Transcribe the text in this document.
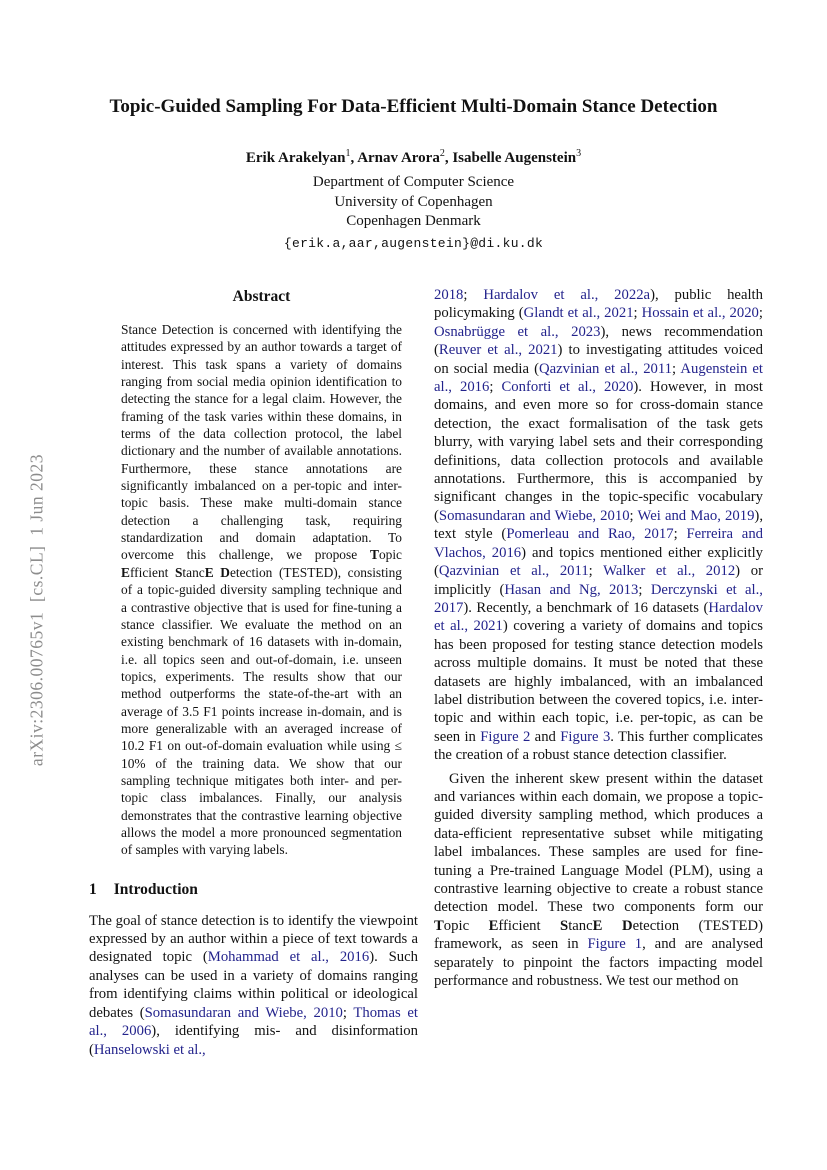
arXiv:2306.00765v1  [cs.CL]  1 Jun 2023
Topic-Guided Sampling For Data-Efficient Multi-Domain Stance Detection
Erik Arakelyan$^1$, Arnav Arora$^2$, Isabelle Augenstein$^3$
Department of Computer Science
University of Copenhagen
Copenhagen Denmark
{erik.a,aar,augenstein}@di.ku.dk
Abstract

Stance Detection is concerned with identifying the attitudes expressed by an author towards a target of interest. This task spans a variety of domains ranging from social media opinion identification to detecting the stance for a legal claim. However, the framing of the task varies within these domains, in terms of the data collection protocol, the label dictionary and the number of available annotations. Furthermore, these stance annotations are significantly imbalanced on a per-topic and inter-topic basis. These make multi-domain stance detection a challenging task, requiring standardization and domain adaptation. To overcome this challenge, we propose Topic Efficient StancE Detection (TESTED), consisting of a topic-guided diversity sampling technique and a contrastive objective that is used for fine-tuning a stance classifier. We evaluate the method on an existing benchmark of 16 datasets with in-domain, i.e. all topics seen and out-of-domain, i.e. unseen topics, experiments. The results show that our method outperforms the state-of-the-art with an average of 3.5 F1 points increase in-domain, and is more generalizable with an averaged increase of 10.2 F1 on out-of-domain evaluation while using ≤ 10% of the training data. We show that our sampling technique mitigates both inter- and per-topic class imbalances. Finally, our analysis demonstrates that the contrastive learning objective allows the model a more pronounced segmentation of samples with varying labels.

1 Introduction

The goal of stance detection is to identify the viewpoint expressed by an author within a piece of text towards a designated topic (Mohammad et al., 2016). Such analyses can be used in a variety of domains ranging from identifying claims within political or ideological debates (Somasundaran and Wiebe, 2010; Thomas et al., 2006), identifying mis- and disinformation (Hanselowski et al.,

2018; Hardalov et al., 2022a), public health policymaking (Glandt et al., 2021; Hossain et al., 2020; Osnabrügge et al., 2023), news recommendation (Reuver et al., 2021) to investigating attitudes voiced on social media (Qazvinian et al., 2011; Augenstein et al., 2016; Conforti et al., 2020). However, in most domains, and even more so for cross-domain stance detection, the exact formalisation of the task gets blurry, with varying label sets and their corresponding definitions, data collection protocols and available annotations. Furthermore, this is accompanied by significant changes in the topic-specific vocabulary (Somasundaran and Wiebe, 2010; Wei and Mao, 2019), text style (Pomerleau and Rao, 2017; Ferreira and Vlachos, 2016) and topics mentioned either explicitly (Qazvinian et al., 2011; Walker et al., 2012) or implicitly (Hasan and Ng, 2013; Derczynski et al., 2017). Recently, a benchmark of 16 datasets (Hardalov et al., 2021) covering a variety of domains and topics has been proposed for testing stance detection models across multiple domains. It must be noted that these datasets are highly imbalanced, with an imbalanced label distribution between the covered topics, i.e. inter-topic and within each topic, i.e. per-topic, as can be seen in Figure 2 and Figure 3. This further complicates the creation of a robust stance detection classifier.

Given the inherent skew present within the dataset and variances within each domain, we propose a topic-guided diversity sampling method, which produces a data-efficient representative subset while mitigating label imbalances. These samples are used for fine-tuning a Pre-trained Language Model (PLM), using a contrastive learning objective to create a robust stance detection model. These two components form our Topic Efficient StancE Detection (TESTED) framework, as seen in Figure 1, and are analysed separately to pinpoint the factors impacting model performance and robustness. We test our method on
